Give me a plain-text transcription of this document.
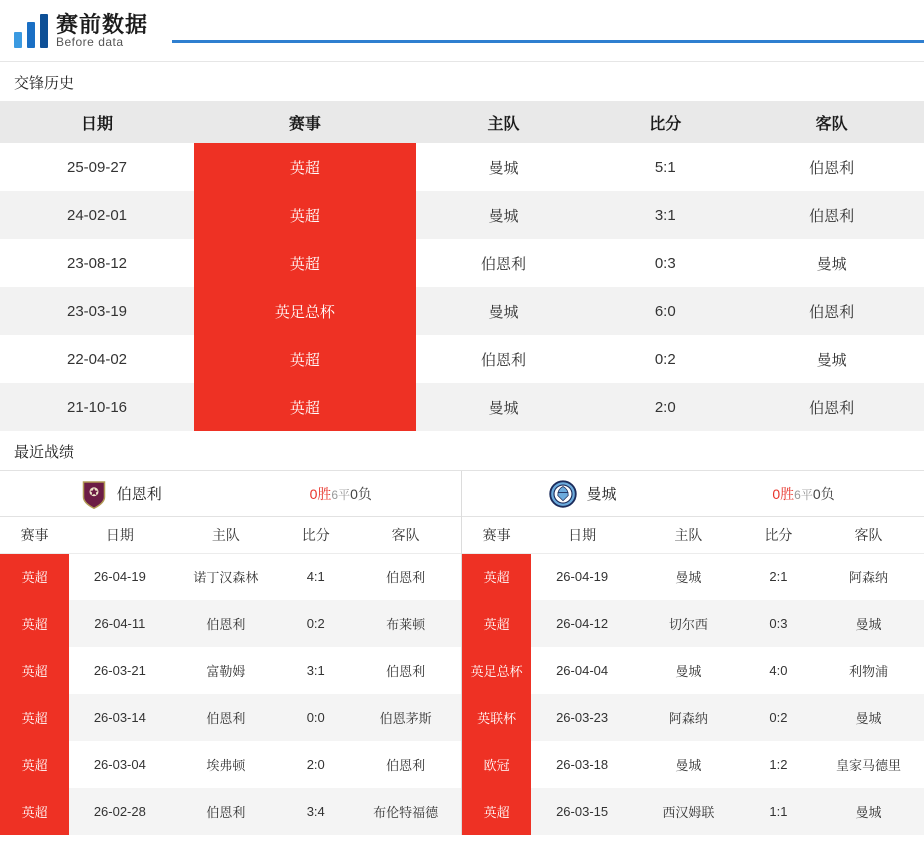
赛前数据
Before data
交锋历史
日期	赛事	主队	比分	客队
25-09-27	英超	曼城	5:1	伯恩利
24-02-01	英超	曼城	3:1	伯恩利
23-08-12	英超	伯恩利	0:3	曼城
23-03-19	英足总杯	曼城	6:0	伯恩利
22-04-02	英超	伯恩利	0:2	曼城
21-10-16	英超	曼城	2:0	伯恩利
最近战绩
伯恩利	0胜6平0负
赛事	日期	主队	比分	客队
英超	26-04-19	诺丁汉森林	4:1	伯恩利
英超	26-04-11	伯恩利	0:2	布莱顿
英超	26-03-21	富勒姆	3:1	伯恩利
英超	26-03-14	伯恩利	0:0	伯恩茅斯
英超	26-03-04	埃弗顿	2:0	伯恩利
英超	26-02-28	伯恩利	3:4	布伦特福德
曼城	0胜6平0负
赛事	日期	主队	比分	客队
英超	26-04-19	曼城	2:1	阿森纳
英超	26-04-12	切尔西	0:3	曼城
英足总杯	26-04-04	曼城	4:0	利物浦
英联杯	26-03-23	阿森纳	0:2	曼城
欧冠	26-03-18	曼城	1:2	皇家马德里
英超	26-03-15	西汉姆联	1:1	曼城
